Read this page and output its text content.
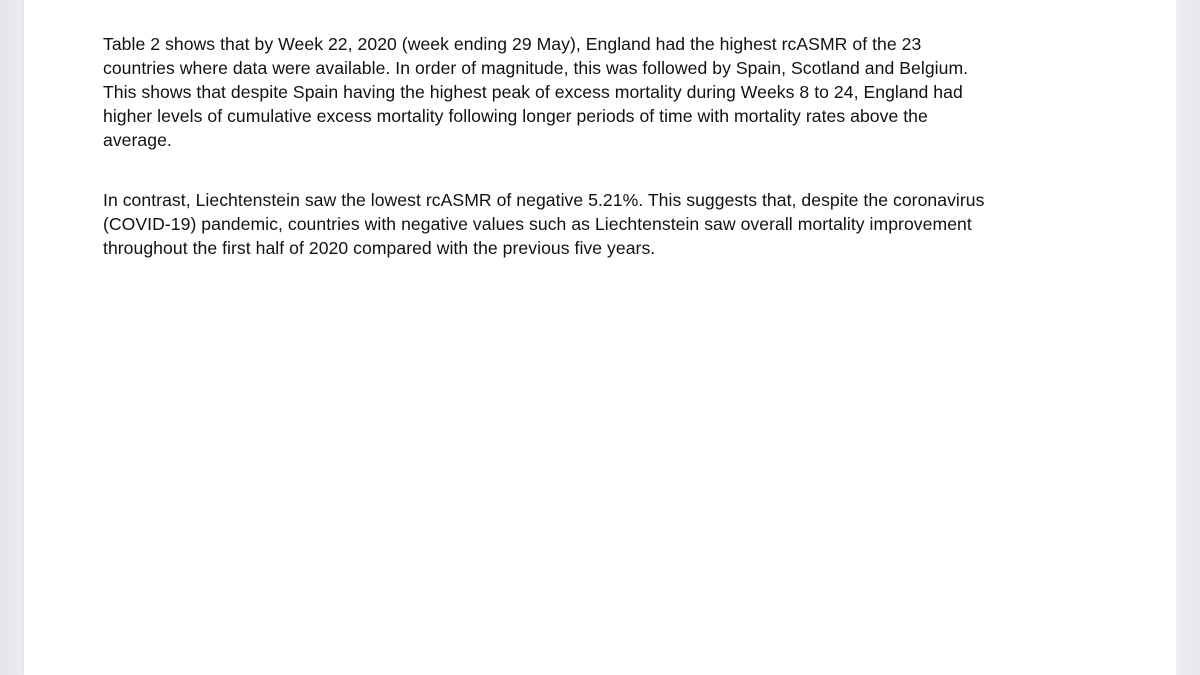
Table 2 shows that by Week 22, 2020 (week ending 29 May), England had the highest rcASMR of the 23
countries where data were available. In order of magnitude, this was followed by Spain, Scotland and Belgium.
This shows that despite Spain having the highest peak of excess mortality during Weeks 8 to 24, England had
higher levels of cumulative excess mortality following longer periods of time with mortality rates above the
average.

In contrast, Liechtenstein saw the lowest rcASMR of negative 5.21%. This suggests that, despite the coronavirus
(COVID-19) pandemic, countries with negative values such as Liechtenstein saw overall mortality improvement
throughout the first half of 2020 compared with the previous five years.
